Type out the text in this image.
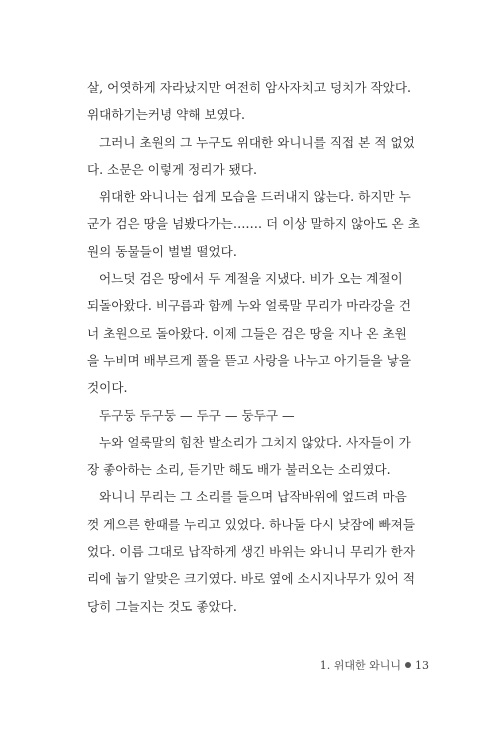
살, 어엿하게 자라났지만 여전히 암사자치고 덩치가 작았다.
위대하기는커녕 약해 보였다.
그러니 초원의 그 누구도 위대한 와니니를 직접 본 적 없었
다. 소문은 이렇게 정리가 됐다.
위대한 와니니는 쉽게 모습을 드러내지 않는다. 하지만 누
군가 검은 땅을 넘봤다가는……. 더 이상 말하지 않아도 온 초
원의 동물들이 벌벌 떨었다.
어느덧 검은 땅에서 두 계절을 지냈다. 비가 오는 계절이
되돌아왔다. 비구름과 함께 누와 얼룩말 무리가 마라강을 건
너 초원으로 돌아왔다. 이제 그들은 검은 땅을 지나 온 초원
을 누비며 배부르게 풀을 뜯고 사랑을 나누고 아기들을 낳을
것이다.
두구둥 두구둥 — 두구 — 둥두구 —
누와 얼룩말의 힘찬 발소리가 그치지 않았다. 사자들이 가
장 좋아하는 소리, 듣기만 해도 배가 불러오는 소리였다.
와니니 무리는 그 소리를 들으며 납작바위에 엎드려 마음
껏 게으른 한때를 누리고 있었다. 하나둘 다시 낮잠에 빠져들
었다. 이름 그대로 납작하게 생긴 바위는 와니니 무리가 한자
리에 눕기 알맞은 크기였다. 바로 옆에 소시지나무가 있어 적
당히 그늘지는 것도 좋았다.
1. 위대한 와니니 13
